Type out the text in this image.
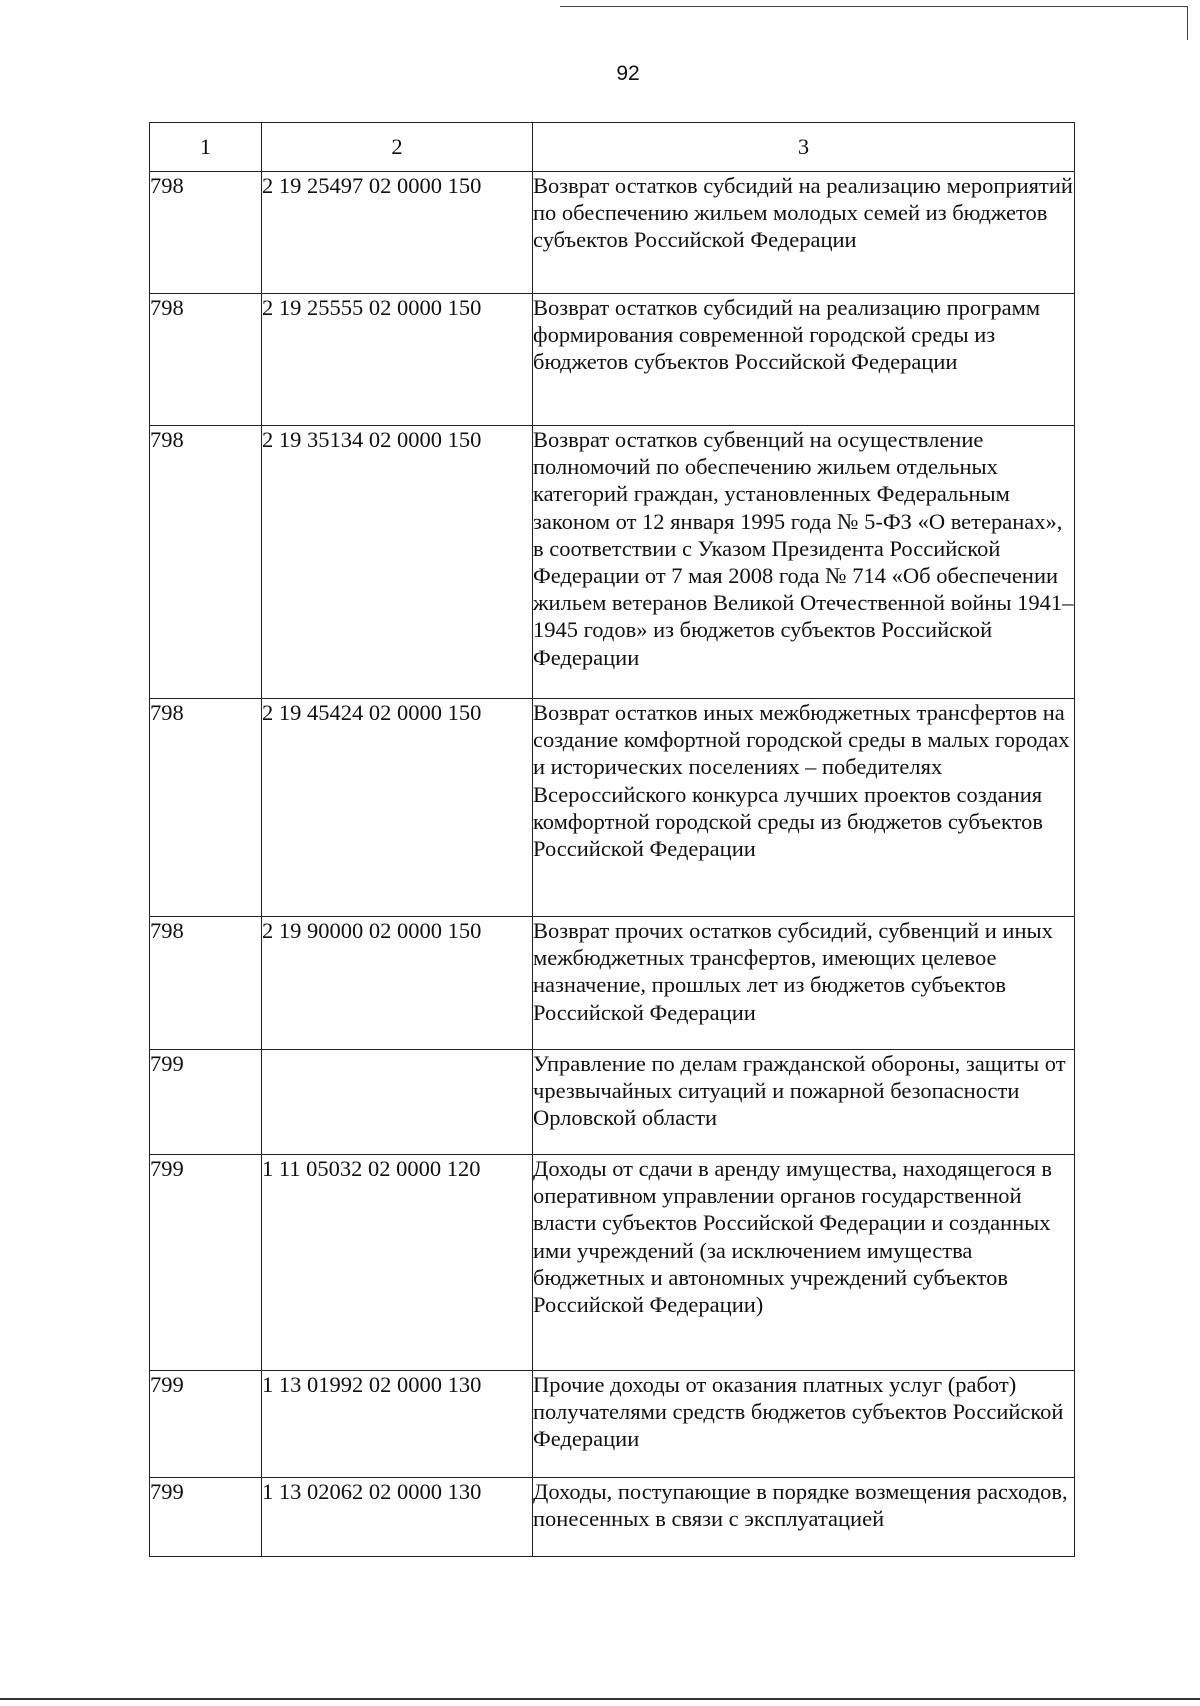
92
1	2	3
798	2 19 25497 02 0000 150	Возврат остатков субсидий на реализацию мероприятий по обеспечению жильем молодых семей из бюджетов субъектов Российской Федерации
798	2 19 25555 02 0000 150	Возврат остатков субсидий на реализацию программ формирования современной городской среды из бюджетов субъектов Российской Федерации
798	2 19 35134 02 0000 150	Возврат остатков субвенций на осуществление полномочий по обеспечению жильем отдельных категорий граждан, установленных Федеральным законом от 12 января 1995 года № 5-ФЗ «О ветеранах», в соответствии с Указом Президента Российской Федерации от 7 мая 2008 года № 714 «Об обеспечении жильем ветеранов Великой Отечественной войны 1941–1945 годов» из бюджетов субъектов Российской Федерации
798	2 19 45424 02 0000 150	Возврат остатков иных межбюджетных трансфертов на создание комфортной городской среды в малых городах и исторических поселениях – победителях Всероссийского конкурса лучших проектов создания комфортной городской среды из бюджетов субъектов Российской Федерации
798	2 19 90000 02 0000 150	Возврат прочих остатков субсидий, субвенций и иных межбюджетных трансфертов, имеющих целевое назначение, прошлых лет из бюджетов субъектов Российской Федерации
799		Управление по делам гражданской обороны, защиты от чрезвычайных ситуаций и пожарной безопасности Орловской области
799	1 11 05032 02 0000 120	Доходы от сдачи в аренду имущества, находящегося в оперативном управлении органов государственной власти субъектов Российской Федерации и созданных ими учреждений (за исключением имущества бюджетных и автономных учреждений субъектов Российской Федерации)
799	1 13 01992 02 0000 130	Прочие доходы от оказания платных услуг (работ) получателями средств бюджетов субъектов Российской Федерации
799	1 13 02062 02 0000 130	Доходы, поступающие в порядке возмещения расходов, понесенных в связи с эксплуатацией
